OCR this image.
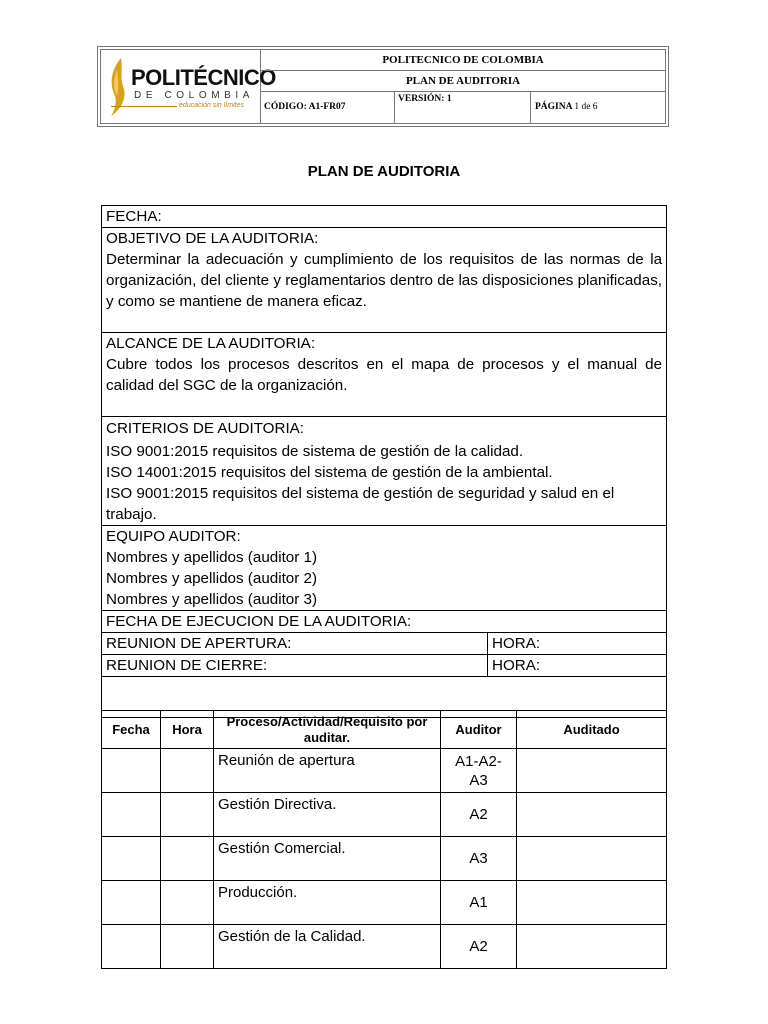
POLITÉCNICO
DE COLOMBIA
educación sin límites
POLITECNICO DE COLOMBIA
PLAN DE AUDITORIA
CÓDIGO: A1-FR07
VERSIÓN: 1
PÁGINA 1 de 6
PLAN DE AUDITORIA
FECHA:	

OBJETIVO DE LA AUDITORIA:
Determinar la adecuación y cumplimiento de los requisitos de las normas de la organización, del cliente y reglamentarios dentro de las disposiciones planificadas, y como se mantiene de manera eficaz.	

ALCANCE DE LA AUDITORIA:
Cubre todos los procesos descritos en el mapa de procesos y el manual de calidad del SGC de la organización.	

CRITERIOS DE AUDITORIA:
ISO 9001:2015 requisitos de sistema de gestión de la calidad.
ISO 14001:2015 requisitos del sistema de gestión de la ambiental.
ISO 9001:2015 requisitos del sistema de gestión de seguridad y salud en el trabajo.	

EQUIPO AUDITOR:
Nombres y apellidos (auditor 1)
Nombres y apellidos (auditor 2)
Nombres y apellidos (auditor 3)	

FECHA DE EJECUCION DE LA AUDITORIA:	
REUNION DE APERTURA:	HORA:
REUNION DE CIERRE:	HORA:

Fecha	Hora	Proceso/Actividad/Requisito por auditar.	Auditor	Auditado
		Reunión de apertura	A1-A2-A3	
		Gestión Directiva.	A2	
		Gestión Comercial.	A3	
		Producción.	A1	
		Gestión de la Calidad.	A2	
